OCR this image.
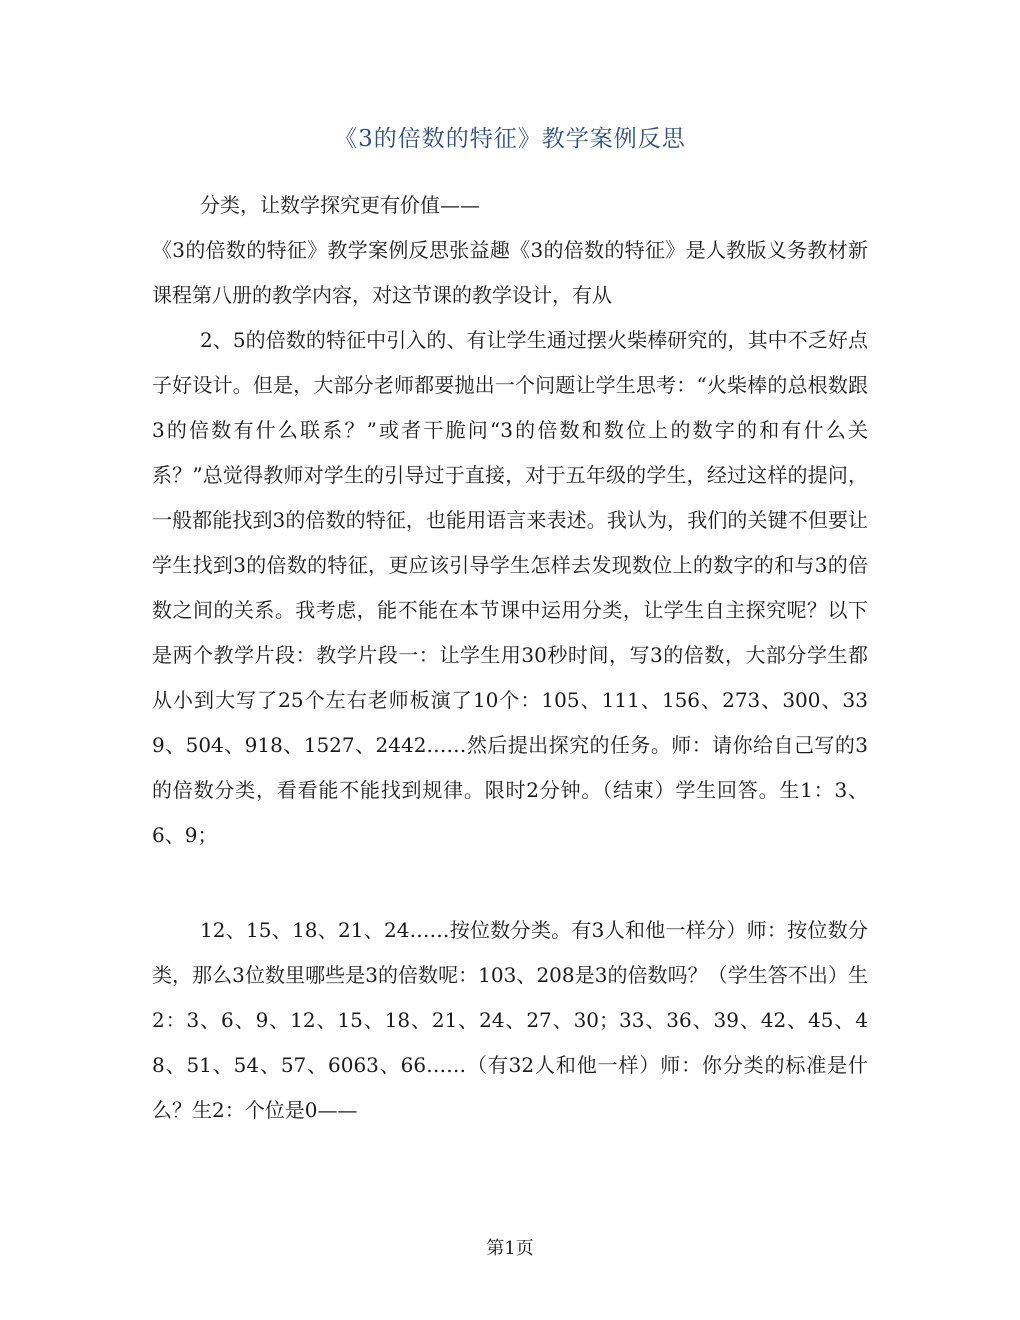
《3的倍数的特征》教学案例反思
分类，让数学探究更有价值——
《3的倍数的特征》教学案例反思张益趣《3的倍数的特征》是人教版义务教材新课程第八册的教学内容，对这节课的教学设计，有从
2、5的倍数的特征中引入的、有让学生通过摆火柴棒研究的，其中不乏好点子好设计。但是，大部分老师都要抛出一个问题让学生思考：“火柴棒的总根数跟3的倍数有什么联系？”或者干脆问“3的倍数和数位上的数字的和有什么关系？”总觉得教师对学生的引导过于直接，对于五年级的学生，经过这样的提问，一般都能找到3的倍数的特征，也能用语言来表述。我认为，我们的关键不但要让学生找到3的倍数的特征，更应该引导学生怎样去发现数位上的数字的和与3的倍数之间的关系。我考虑，能不能在本节课中运用分类，让学生自主探究呢？以下是两个教学片段：教学片段一：让学生用30秒时间，写3的倍数，大部分学生都从小到大写了25个左右老师板演了10个：105、111、156、273、300、339、504、918、1527、2442……然后提出探究的任务。师：请你给自己写的3的倍数分类，看看能不能找到规律。限时2分钟。（结束）学生回答。生1：3、6、9；
12、15、18、21、24……按位数分类。有3人和他一样分）师：按位数分类，那么3位数里哪些是3的倍数呢：103、208是3的倍数吗？（学生答不出）生2：3、6、9、12、15、18、21、24、27、30；33、36、39、42、45、48、51、54、57、6063、66……（有32人和他一样）师：你分类的标准是什么？生2：个位是0——
第1页
